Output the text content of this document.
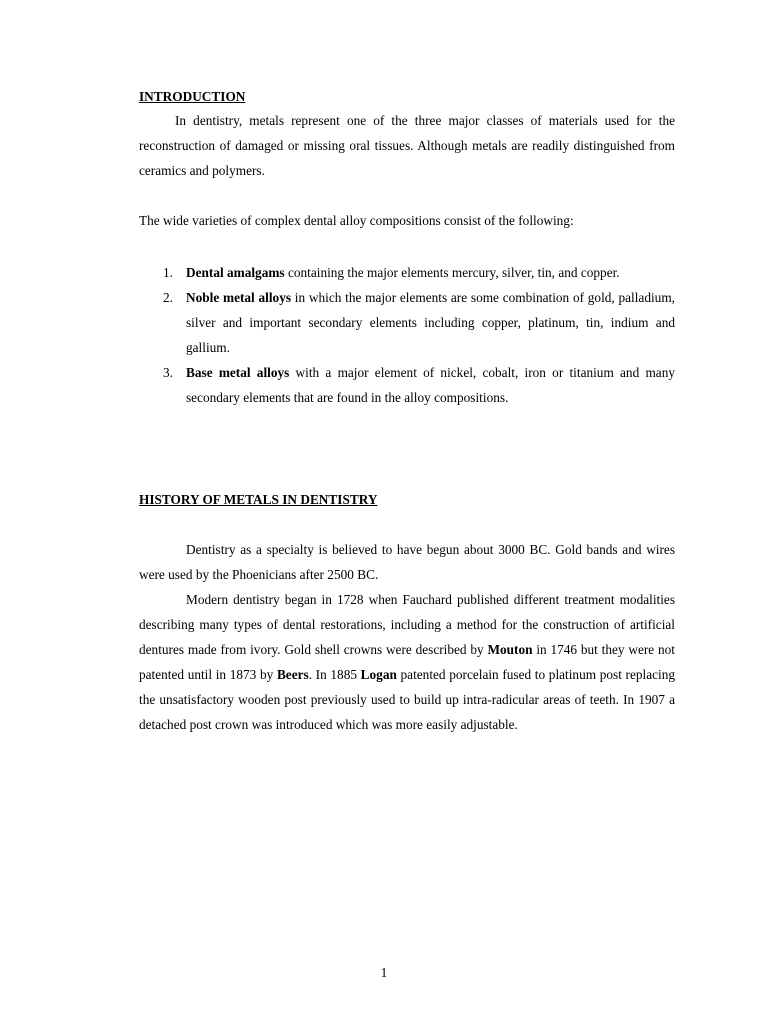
INTRODUCTION

In dentistry, metals represent one of the three major classes of materials used for the reconstruction of damaged or missing oral tissues. Although metals are readily distinguished from ceramics and polymers.

The wide varieties of complex dental alloy compositions consist of the following:

1. Dental amalgams containing the major elements mercury, silver, tin, and copper.
2. Noble metal alloys in which the major elements are some combination of gold, palladium, silver and important secondary elements including copper, platinum, tin, indium and gallium.
3. Base metal alloys with a major element of nickel, cobalt, iron or titanium and many secondary elements that are found in the alloy compositions.
HISTORY OF METALS IN DENTISTRY

Dentistry as a specialty is believed to have begun about 3000 BC. Gold bands and wires were used by the Phoenicians after 2500 BC.

Modern dentistry began in 1728 when Fauchard published different treatment modalities describing many types of dental restorations, including a method for the construction of artificial dentures made from ivory. Gold shell crowns were described by Mouton in 1746 but they were not patented until in 1873 by Beers. In 1885 Logan patented porcelain fused to platinum post replacing the unsatisfactory wooden post previously used to build up intra-radicular areas of teeth. In 1907 a detached post crown was introduced which was more easily adjustable.

1
